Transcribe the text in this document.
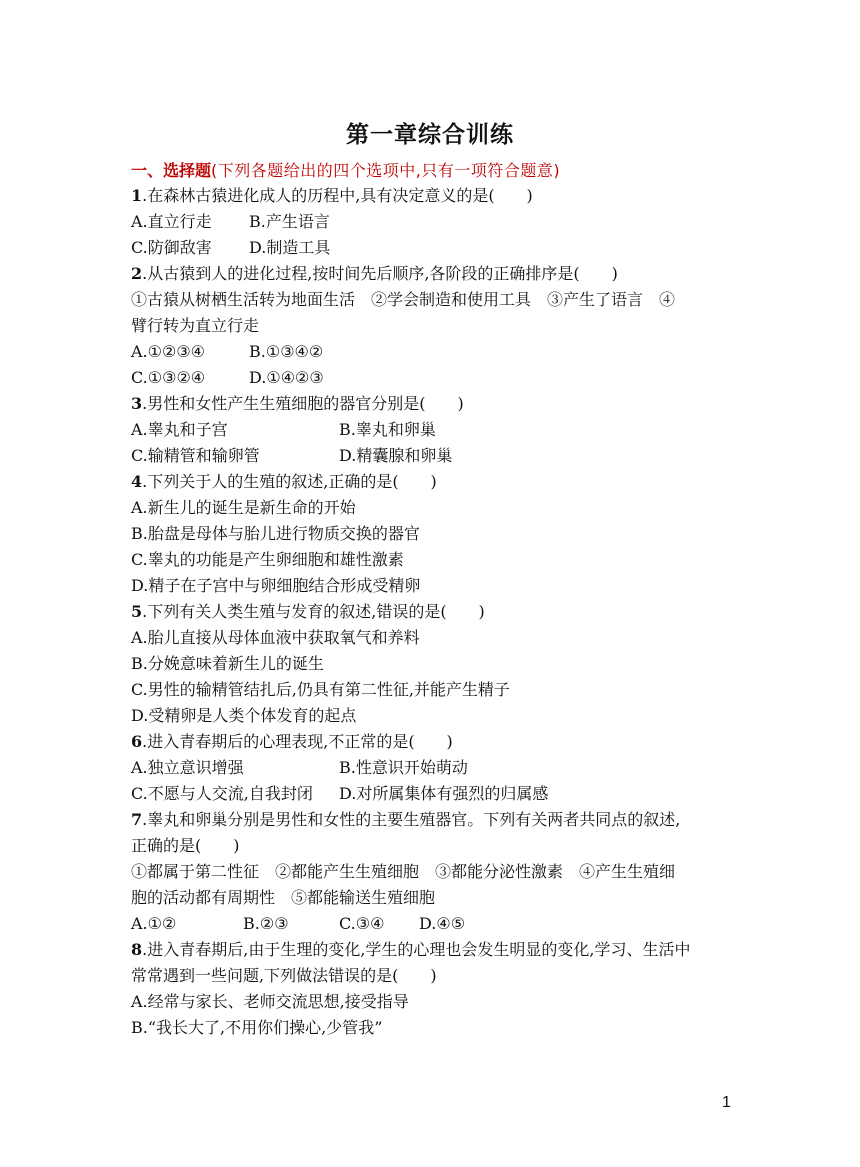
第一章综合训练
一、选择题(下列各题给出的四个选项中,只有一项符合题意)
1.在森林古猿进化成人的历程中,具有决定意义的是(　　)
A.直立行走 B.产生语言
C.防御敌害 D.制造工具
2.从古猿到人的进化过程,按时间先后顺序,各阶段的正确排序是(　　)
①古猿从树栖生活转为地面生活　②学会制造和使用工具　③产生了语言　④
臂行转为直立行走
A.①②③④	B.①③④②
C.①③②④	D.①④②③
3.男性和女性产生生殖细胞的器官分别是(　　)
A.睾丸和子宫	B.睾丸和卵巢
C.输精管和输卵管	D.精囊腺和卵巢
4.下列关于人的生殖的叙述,正确的是(　　)
A.新生儿的诞生是新生命的开始
B.胎盘是母体与胎儿进行物质交换的器官
C.睾丸的功能是产生卵细胞和雄性激素
D.精子在子宫中与卵细胞结合形成受精卵
5.下列有关人类生殖与发育的叙述,错误的是(　　)
A.胎儿直接从母体血液中获取氧气和养料
B.分娩意味着新生儿的诞生
C.男性的输精管结扎后,仍具有第二性征,并能产生精子
D.受精卵是人类个体发育的起点
6.进入青春期后的心理表现,不正常的是(　　)
A.独立意识增强	B.性意识开始萌动
C.不愿与人交流,自我封闭 D.对所属集体有强烈的归属感
7.睾丸和卵巢分别是男性和女性的主要生殖器官。下列有关两者共同点的叙述,
正确的是(　　)
①都属于第二性征　②都能产生生殖细胞　③都能分泌性激素　④产生生殖细
胞的活动都有周期性　⑤都能输送生殖细胞
A.①②	B.②③	C.③④ D.④⑤
8.进入青春期后,由于生理的变化,学生的心理也会发生明显的变化,学习、生活中
常常遇到一些问题,下列做法错误的是(　　)
A.经常与家长、老师交流思想,接受指导
B.“我长大了,不用你们操心,少管我”
1
